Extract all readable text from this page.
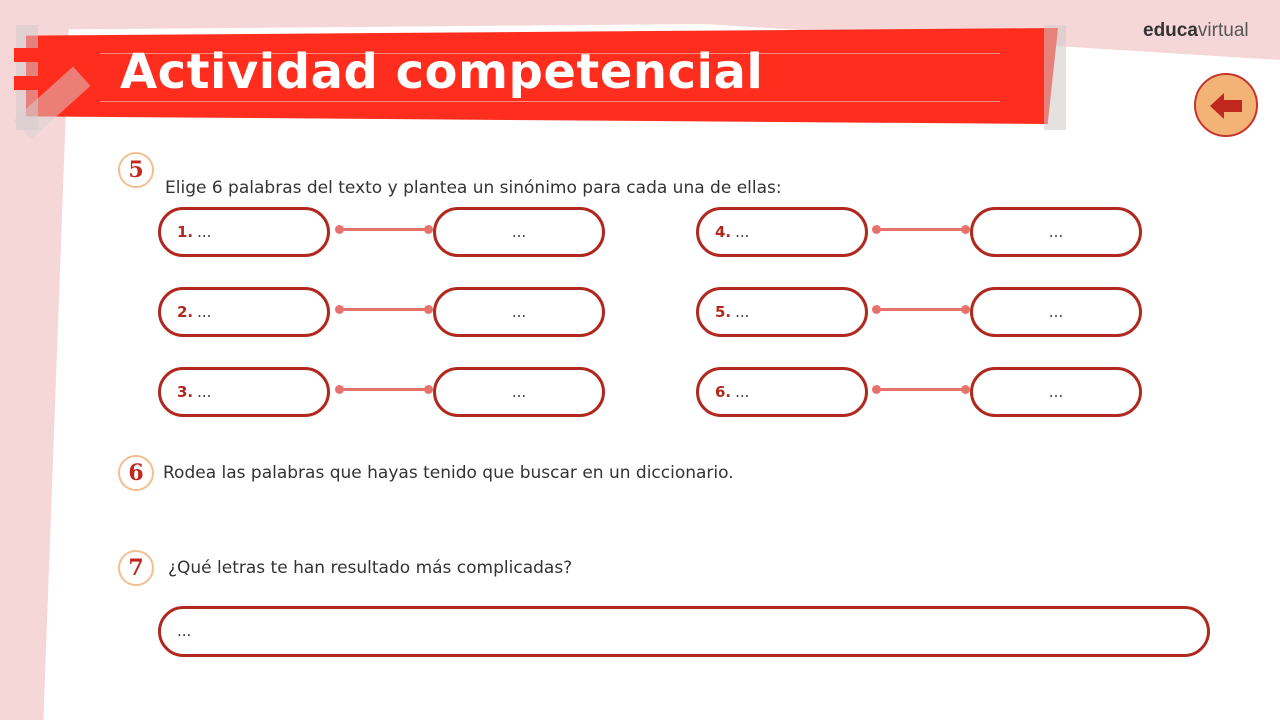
Actividad competencial
educavirtual
5
Elige 6 palabras del texto y plantea un sinónimo para cada una de ellas:
1. ...	...
2. ...	...
3. ...	...
4. ...	...
5. ...	...
6. ...	...
6	Rodea las palabras que hayas tenido que buscar en un diccionario.
7	¿Qué letras te han resultado más complicadas?
...
